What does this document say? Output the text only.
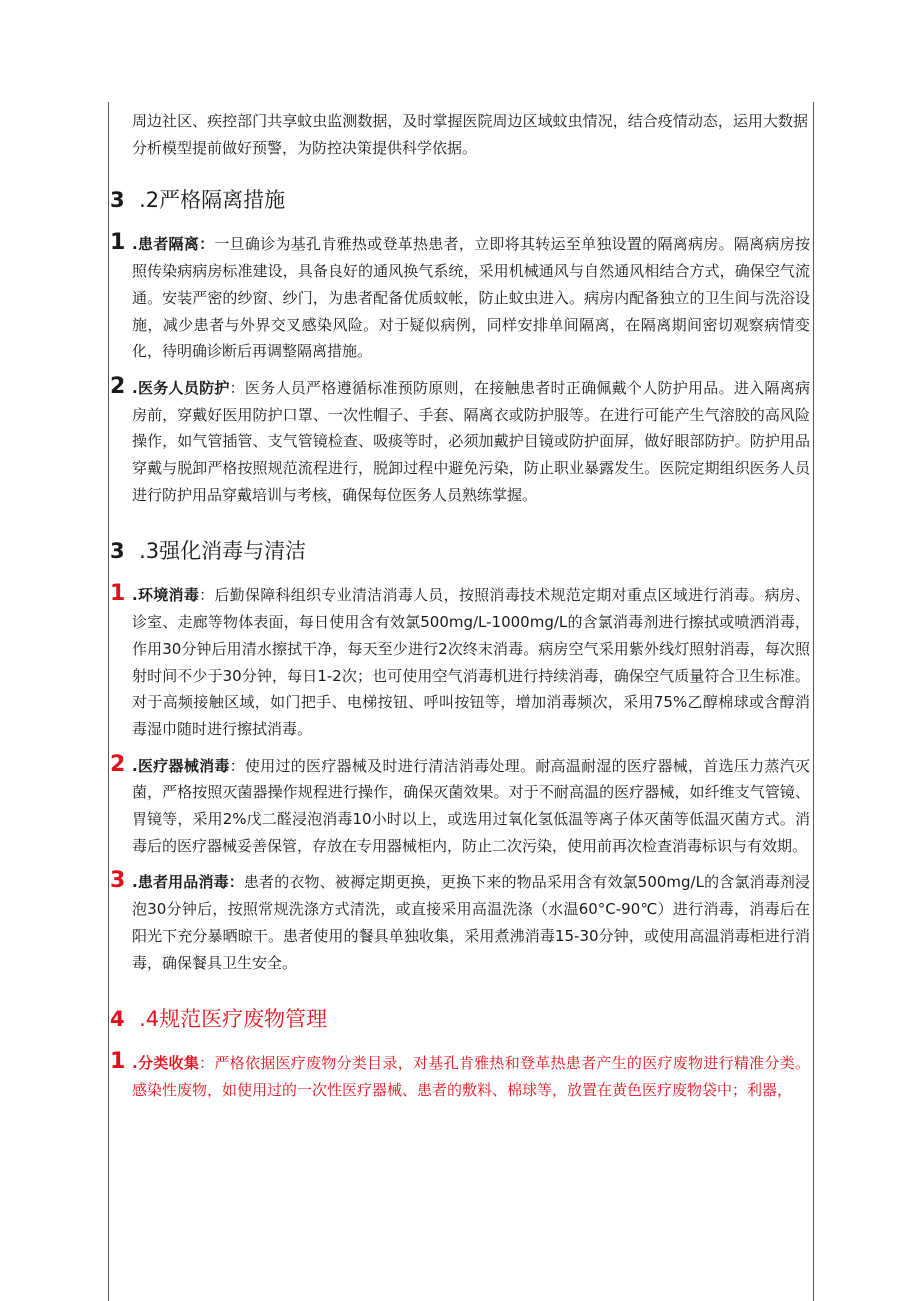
周边社区、疾控部门共享蚊虫监测数据，及时掌握医院周边区域蚊虫情况，结合疫情动态，运用大数据分析模型提前做好预警，为防控决策提供科学依据。

3 .2严格隔离措施
1 .患者隔离：一旦确诊为基孔肯雅热或登革热患者，立即将其转运至单独设置的隔离病房。隔离病房按照传染病病房标准建设，具备良好的通风换气系统，采用机械通风与自然通风相结合方式，确保空气流通。安装严密的纱窗、纱门，为患者配备优质蚊帐，防止蚊虫进入。病房内配备独立的卫生间与洗浴设施，减少患者与外界交叉感染风险。对于疑似病例，同样安排单间隔离，在隔离期间密切观察病情变化，待明确诊断后再调整隔离措施。
2 .医务人员防护：医务人员严格遵循标准预防原则，在接触患者时正确佩戴个人防护用品。进入隔离病房前，穿戴好医用防护口罩、一次性帽子、手套、隔离衣或防护服等。在进行可能产生气溶胶的高风险操作，如气管插管、支气管镜检查、吸痰等时，必须加戴护目镜或防护面屏，做好眼部防护。防护用品穿戴与脱卸严格按照规范流程进行，脱卸过程中避免污染，防止职业暴露发生。医院定期组织医务人员进行防护用品穿戴培训与考核，确保每位医务人员熟练掌握。
3 .3强化消毒与清洁
1 .环境消毒：后勤保障科组织专业清洁消毒人员，按照消毒技术规范定期对重点区域进行消毒。病房、诊室、走廊等物体表面，每日使用含有效氯500mg∕L-1000mg∕L的含氯消毒剂进行擦拭或喷洒消毒，作用30分钟后用清水擦拭干净，每天至少进行2次终末消毒。病房空气采用紫外线灯照射消毒，每次照射时间不少于30分钟，每日1-2次；也可使用空气消毒机进行持续消毒，确保空气质量符合卫生标准。对于高频接触区域，如门把手、电梯按钮、呼叫按钮等，增加消毒频次，采用75%乙醇棉球或含醇消毒湿巾随时进行擦拭消毒。
2 .医疗器械消毒：使用过的医疗器械及时进行清洁消毒处理。耐高温耐湿的医疗器械，首选压力蒸汽灭菌，严格按照灭菌器操作规程进行操作，确保灭菌效果。对于不耐高温的医疗器械，如纤维支气管镜、胃镜等，采用2%戊二醛浸泡消毒10小时以上，或选用过氧化氢低温等离子体灭菌等低温灭菌方式。消毒后的医疗器械妥善保管，存放在专用器械柜内，防止二次污染，使用前再次检查消毒标识与有效期。
3 .患者用品消毒：患者的衣物、被褥定期更换，更换下来的物品采用含有效氯500mg∕L的含氯消毒剂浸泡30分钟后，按照常规洗涤方式清洗，或直接采用高温洗涤（水温60°C-90℃）进行消毒，消毒后在阳光下充分暴晒晾干。患者使用的餐具单独收集，采用煮沸消毒15-30分钟，或使用高温消毒柜进行消毒，确保餐具卫生安全。
4 .4规范医疗废物管理
1 .分类收集：严格依据医疗废物分类目录，对基孔肯雅热和登革热患者产生的医疗废物进行精准分类。感染性废物，如使用过的一次性医疗器械、患者的敷料、棉球等，放置在黄色医疗废物袋中；利器，
